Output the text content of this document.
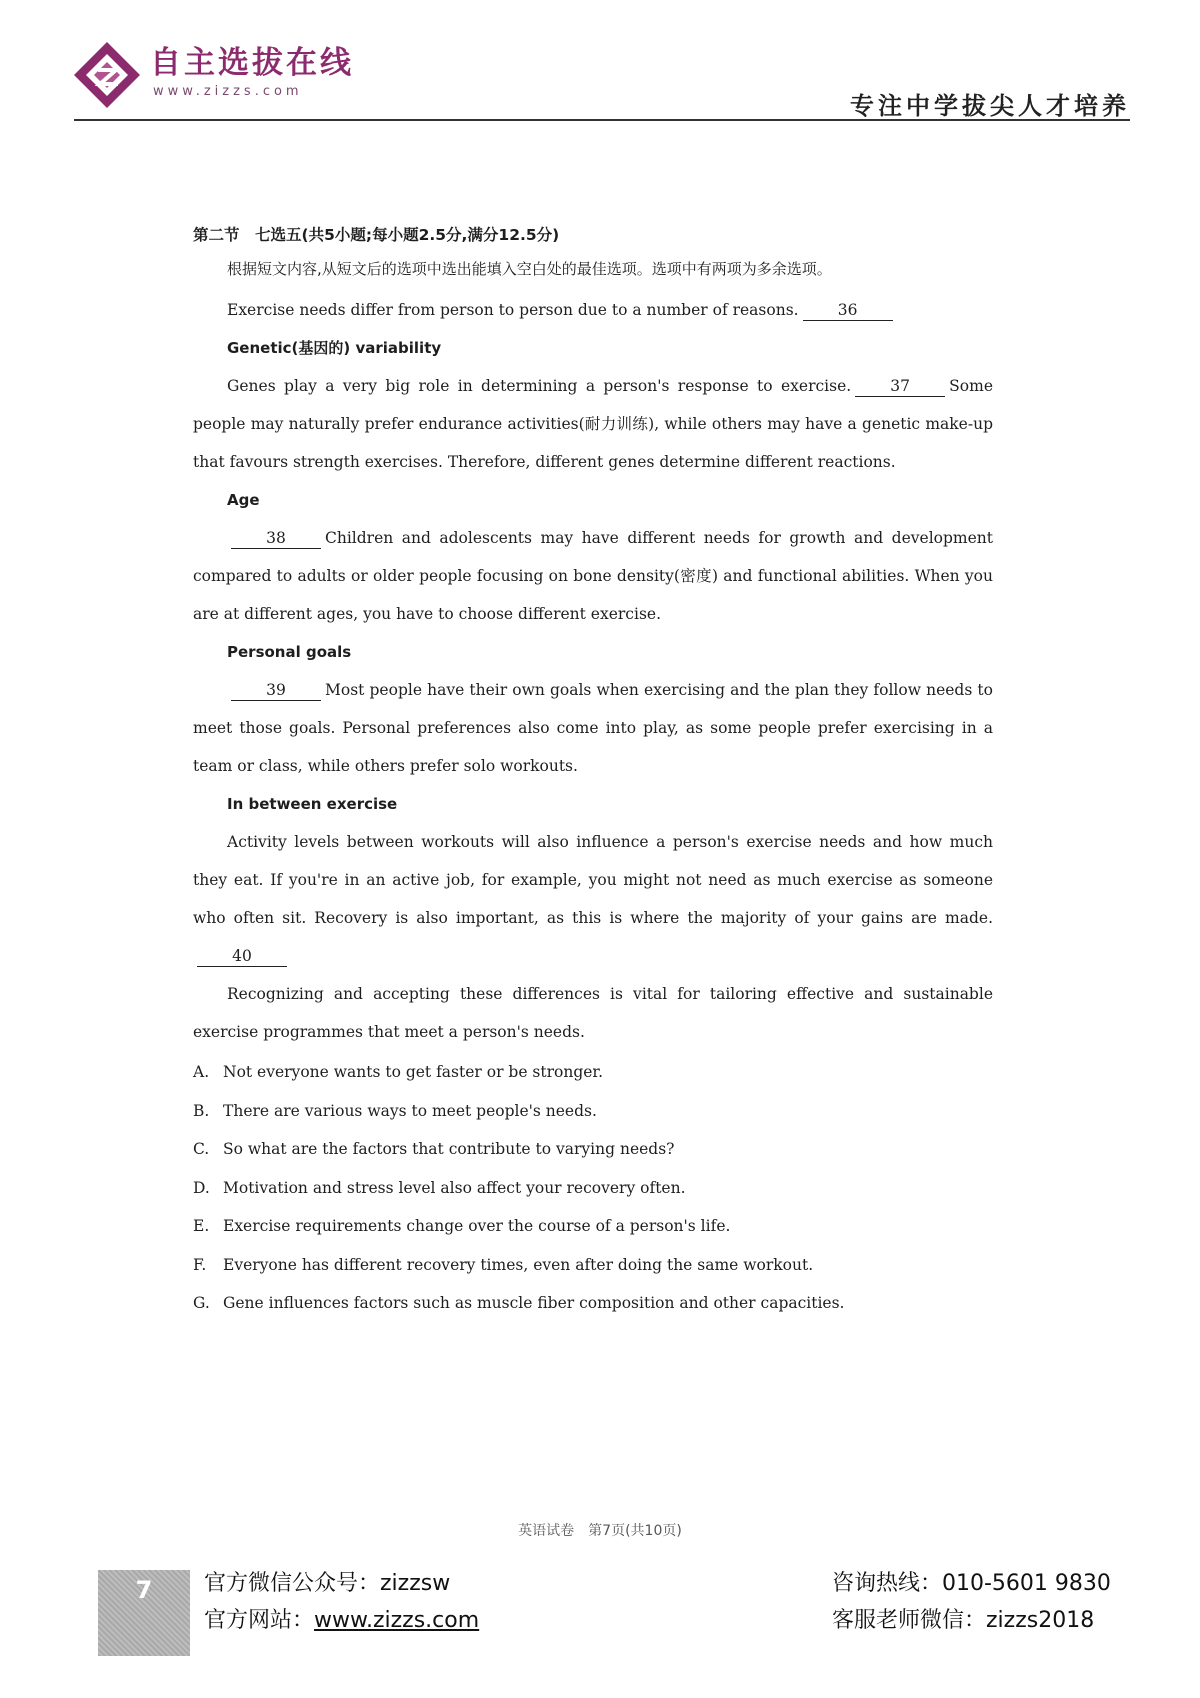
自主选拔在线
www.zizzs.com	专注中学拔尖人才培养

第二节　七选五(共5小题;每小题2.5分,满分12.5分)

根据短文内容,从短文后的选项中选出能填入空白处的最佳选项。选项中有两项为多余选项。

Exercise needs differ from person to person due to a number of reasons.	36

Genetic(基因的) variability

Genes play a very big role in determining a person's response to exercise.	37	Some people may naturally prefer endurance activities(耐力训练), while others may have a genetic make-up that favours strength exercises. Therefore, different genes determine different reactions.

Age

38	Children and adolescents may have different needs for growth and development compared to adults or older people focusing on bone density(密度) and functional abilities. When you are at different ages, you have to choose different exercise.

Personal goals

39	Most people have their own goals when exercising and the plan they follow needs to meet those goals. Personal preferences also come into play, as some people prefer exercising in a team or class, while others prefer solo workouts.

In between exercise

Activity levels between workouts will also influence a person's exercise needs and how much they eat. If you're in an active job, for example, you might not need as much exercise as someone who often sit. Recovery is also important, as this is where the majority of your gains are made.40

Recognizing and accepting these differences is vital for tailoring effective and sustainable exercise programmes that meet a person's needs.

A. Not everyone wants to get faster or be stronger.

B. There are various ways to meet people's needs.

C. So what are the factors that contribute to varying needs?

D. Motivation and stress level also affect your recovery often.

E. Exercise requirements change over the course of a person's life.

F. Everyone has different recovery times, even after doing the same workout.

G. Gene influences factors such as muscle fiber composition and other capacities.

英语试卷　第7页(共10页)
7	官方微信公众号：zizzsw

官方网站：www.zizzs.com

咨询热线：010-5601 9830

客服老师微信：zizzs2018
